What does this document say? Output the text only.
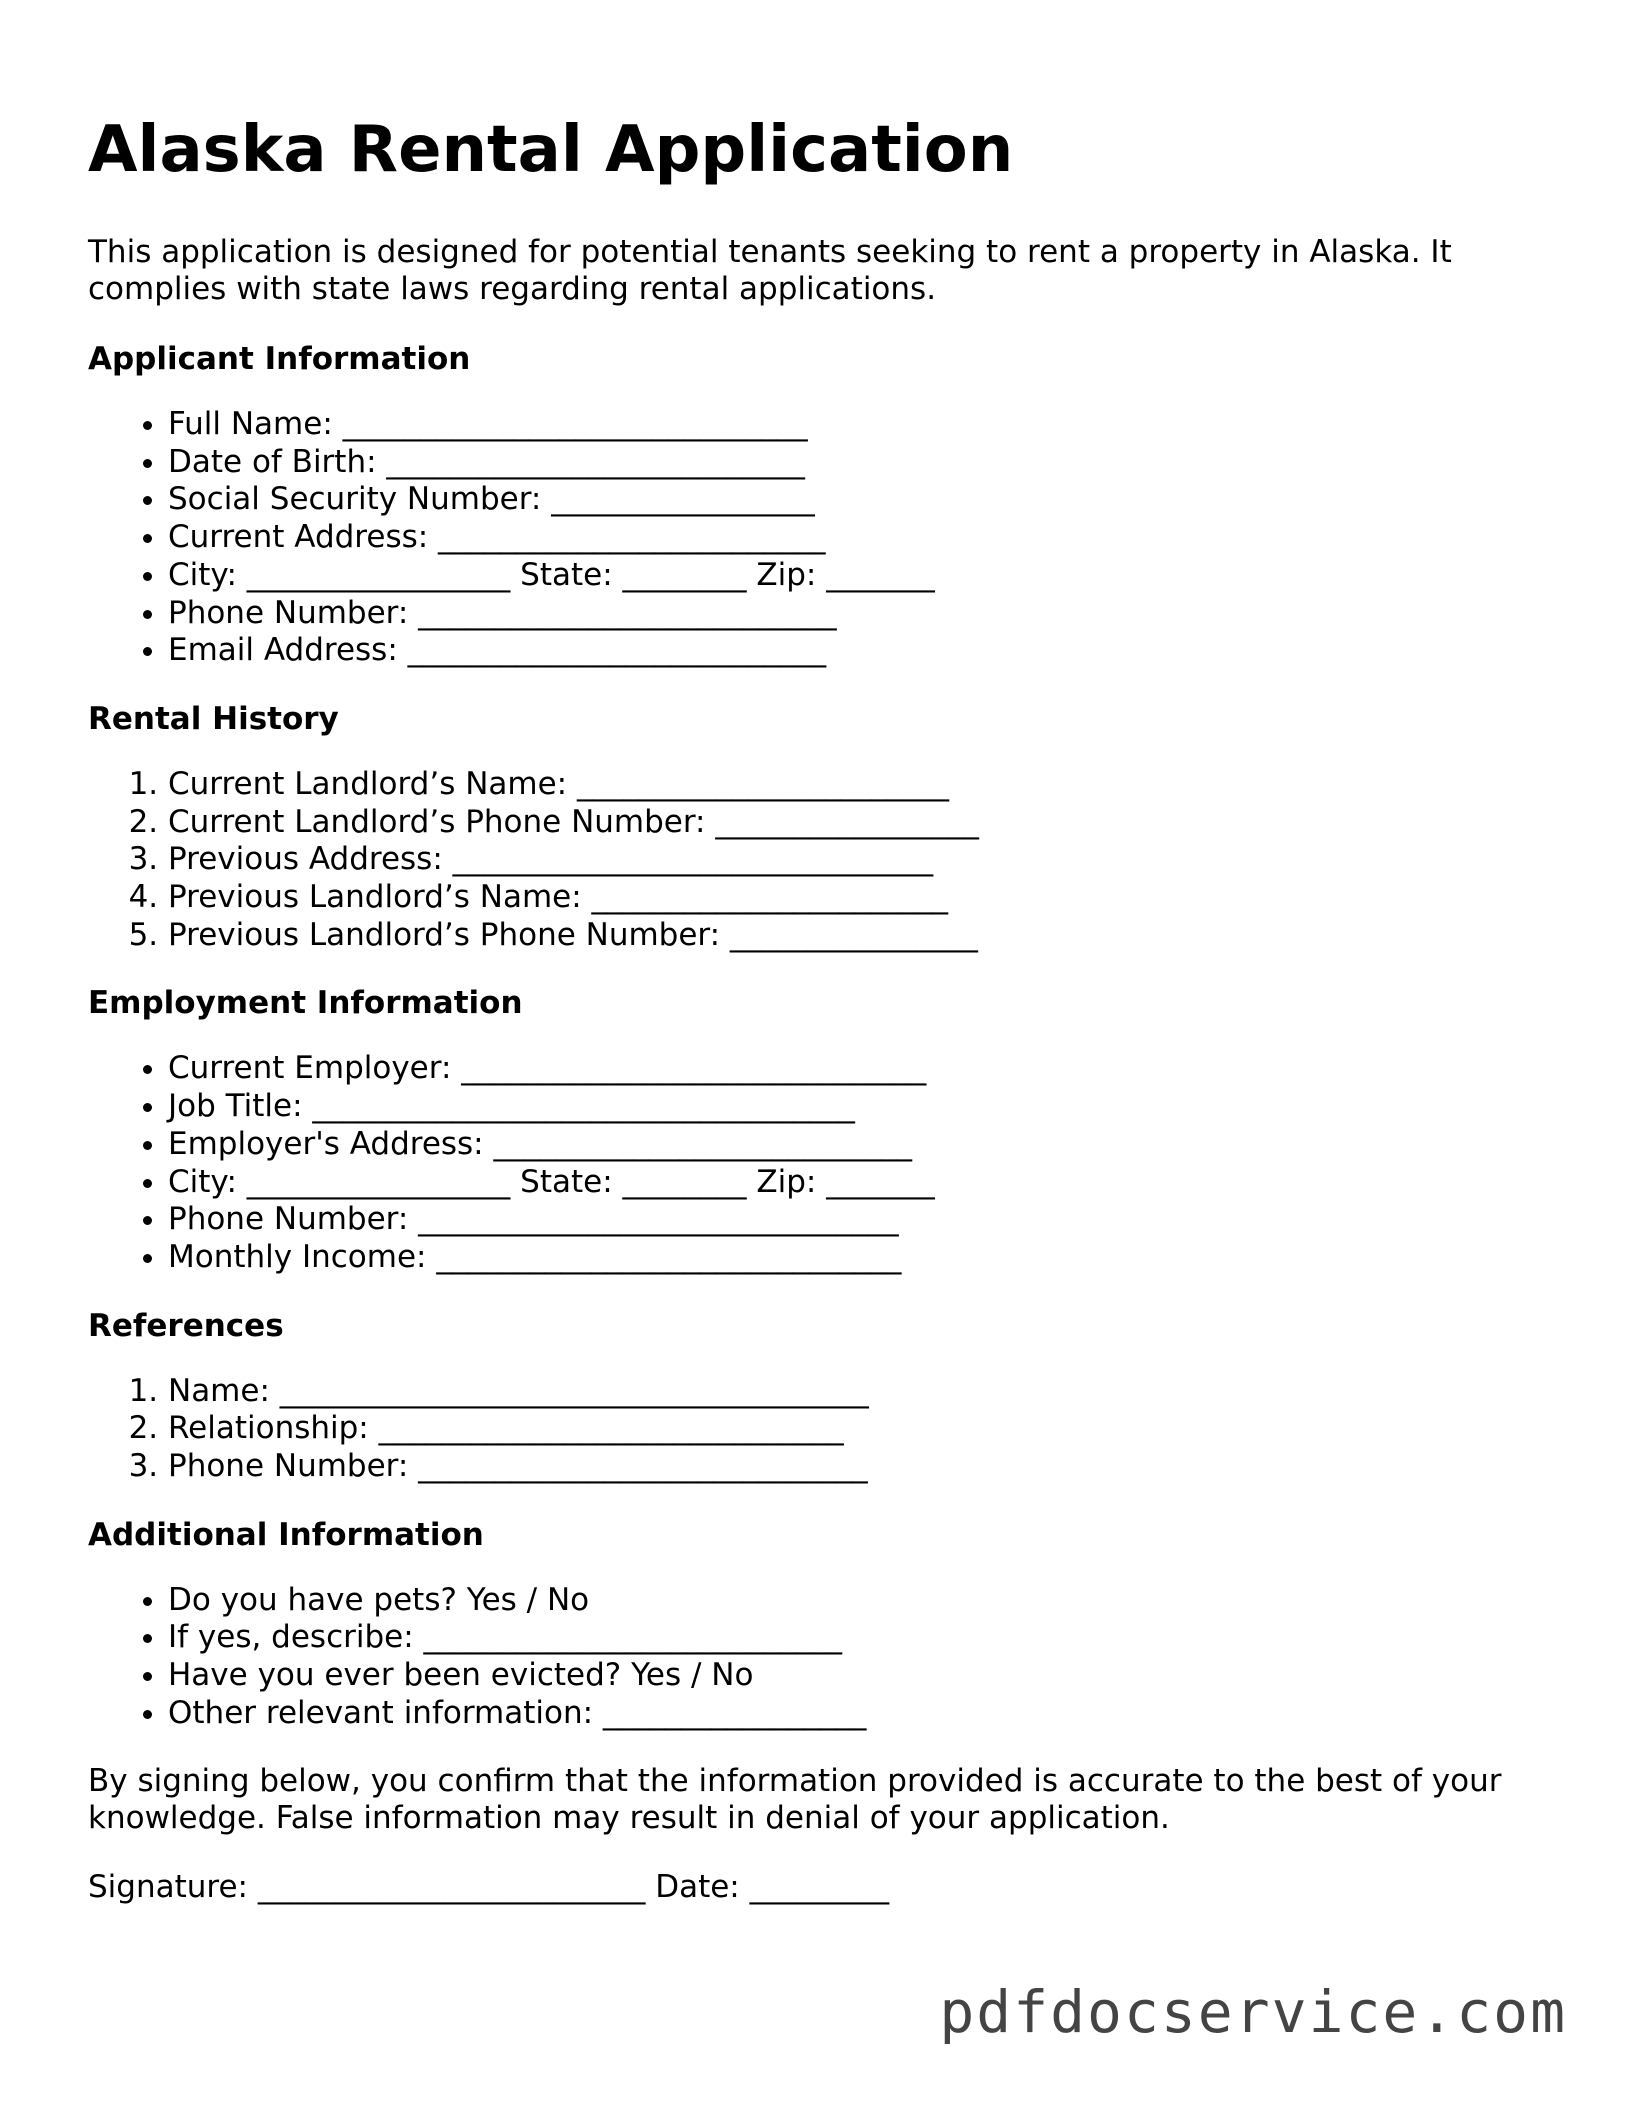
Alaska Rental Application

This application is designed for potential tenants seeking to rent a property in Alaska. It complies with state laws regarding rental applications.

Applicant Information
• Full Name: ______________________________
• Date of Birth: ___________________________
• Social Security Number: _________________
• Current Address: _________________________
• City: _________________ State: ________ Zip: _______
• Phone Number: ___________________________
• Email Address: ___________________________
Rental History
1. Current Landlord’s Name: ________________________
2. Current Landlord’s Phone Number: _________________
3. Previous Address: _______________________________
4. Previous Landlord’s Name: _______________________
5. Previous Landlord’s Phone Number: ________________
Employment Information
• Current Employer: ______________________________
• Job Title: ___________________________________
• Employer's Address: ___________________________
• City: _________________ State: ________ Zip: _______
• Phone Number: _______________________________
• Monthly Income: ______________________________
References
1. Name: ______________________________________
2. Relationship: ______________________________
3. Phone Number: _____________________________
Additional Information
• Do you have pets? Yes / No
• If yes, describe: ___________________________
• Have you ever been evicted? Yes / No
• Other relevant information: _________________

By signing below, you confirm that the information provided is accurate to the best of your knowledge. False information may result in denial of your application.

Signature: _________________________ Date: _________

pdfdocservice.com
